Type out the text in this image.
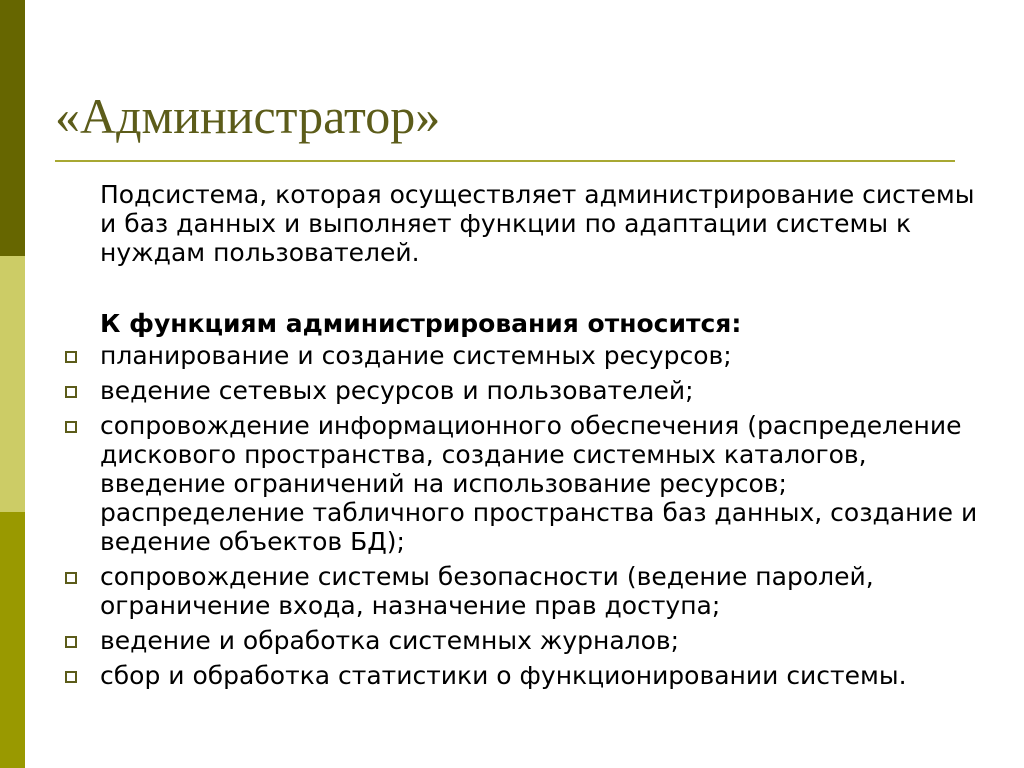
«Администратор»

Подсистема, которая осуществляет администрирование системы и баз данных и выполняет функции по адаптации системы к нуждам пользователей.

К функциям администрирования относится:

планирование и создание системных ресурсов;
ведение сетевых ресурсов и пользователей;
сопровождение информационного обеспечения (распределение дискового пространства, создание системных каталогов, введение ограничений на использование ресурсов; распределение табличного пространства баз данных, создание и ведение объектов БД);
сопровождение системы безопасности (ведение паролей, ограничение входа, назначение прав доступа;
ведение и обработка системных журналов;
сбор и обработка статистики о функционировании системы.
